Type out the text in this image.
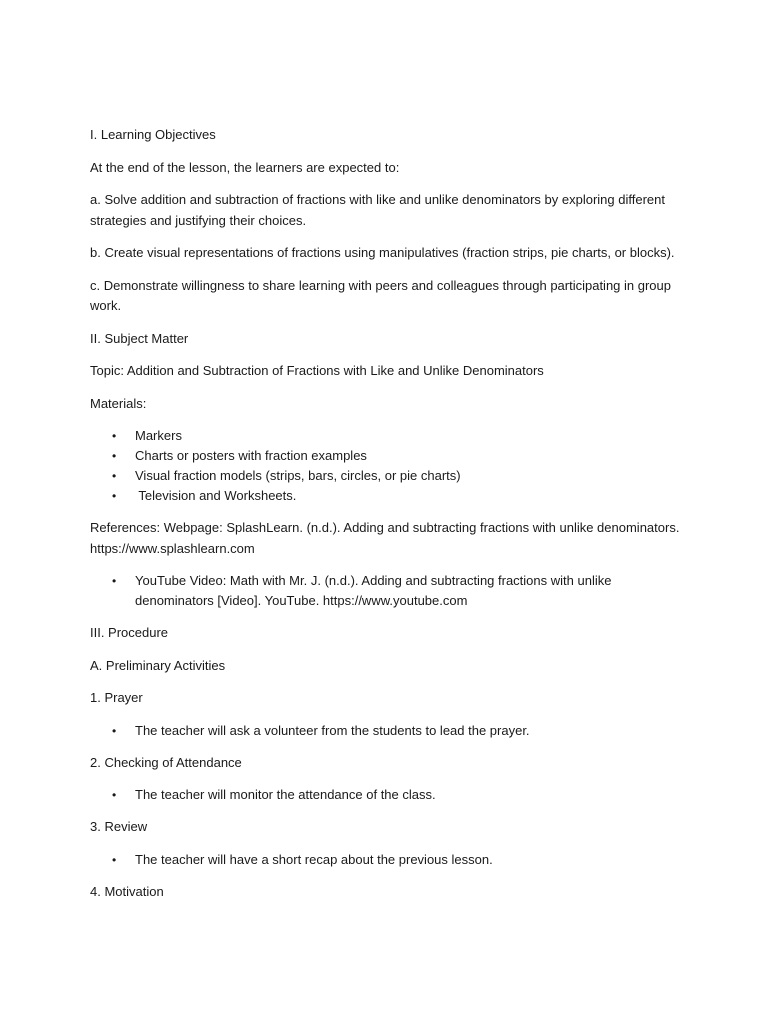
I. Learning Objectives

At the end of the lesson, the learners are expected to:

a. Solve addition and subtraction of fractions with like and unlike denominators by exploring different strategies and justifying their choices.

b. Create visual representations of fractions using manipulatives (fraction strips, pie charts, or blocks).

c. Demonstrate willingness to share learning with peers and colleagues through participating in group work.

II. Subject Matter

Topic: Addition and Subtraction of Fractions with Like and Unlike Denominators

Materials:

• Markers
• Charts or posters with fraction examples
• Visual fraction models (strips, bars, circles, or pie charts)
• Television and Worksheets.

References: Webpage: SplashLearn. (n.d.). Adding and subtracting fractions with unlike denominators. https://www.splashlearn.com

• YouTube Video: Math with Mr. J. (n.d.). Adding and subtracting fractions with unlike denominators [Video]. YouTube. https://www.youtube.com

III. Procedure

A. Preliminary Activities

1. Prayer

• The teacher will ask a volunteer from the students to lead the prayer.

2. Checking of Attendance

• The teacher will monitor the attendance of the class.

3. Review

• The teacher will have a short recap about the previous lesson.

4. Motivation
